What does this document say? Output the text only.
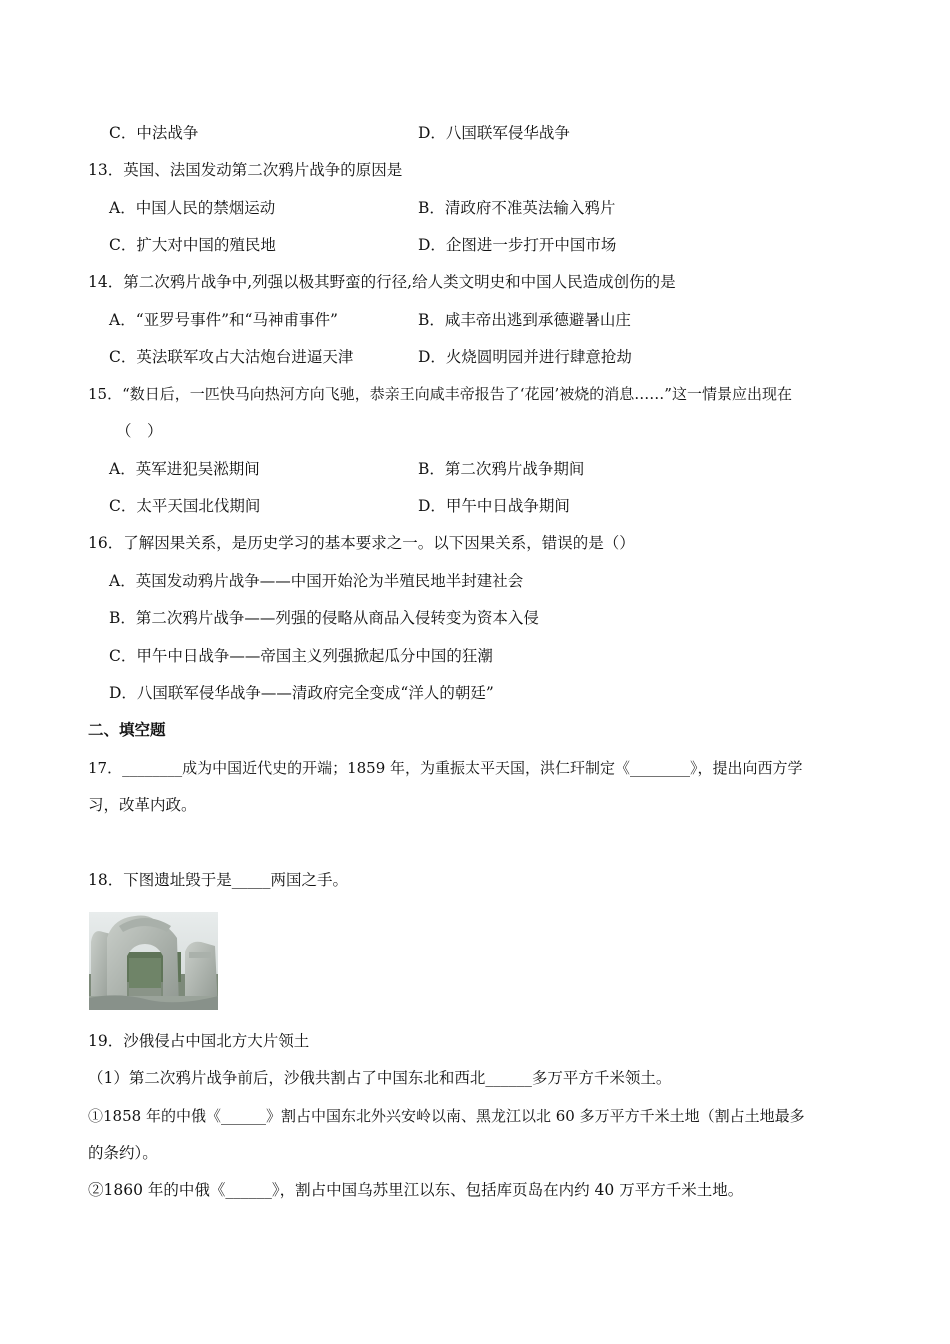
C．中法战争	D．八国联军侵华战争
13．英国、法国发动第二次鸦片战争的原因是
A．中国人民的禁烟运动	B．清政府不准英法输入鸦片
C．扩大对中国的殖民地	D．企图进一步打开中国市场
14．第二次鸦片战争中,列强以极其野蛮的行径,给人类文明史和中国人民造成创伤的是
A．“亚罗号事件”和“马神甫事件”	B．咸丰帝出逃到承德避暑山庄
C．英法联军攻占大沽炮台进逼天津	D．火烧圆明园并进行肆意抢劫
15．“数日后，一匹快马向热河方向飞驰，恭亲王向咸丰帝报告了‘花园’被烧的消息……”这一情景应出现在
（　）
A．英军进犯吴淞期间	B．第二次鸦片战争期间
C．太平天国北伐期间	D．甲午中日战争期间
16．了解因果关系，是历史学习的基本要求之一。以下因果关系，错误的是（）
A．英国发动鸦片战争——中国开始沦为半殖民地半封建社会
B．第二次鸦片战争——列强的侵略从商品入侵转变为资本入侵
C．甲午中日战争——帝国主义列强掀起瓜分中国的狂潮
D．八国联军侵华战争——清政府完全变成“洋人的朝廷”
二、填空题
17．________成为中国近代史的开端；1859 年，为重振太平天国，洪仁玕制定《________》，提出向西方学
习，改革内政。
18．下图遗址毁于是_____两国之手。
19．沙俄侵占中国北方大片领土
（1）第二次鸦片战争前后，沙俄共割占了中国东北和西北______多万平方千米领土。
①1858 年的中俄《______》割占中国东北外兴安岭以南、黑龙江以北 60 多万平方千米土地（割占土地最多
的条约）。
②1860 年的中俄《______》，割占中国乌苏里江以东、包括库页岛在内约 40 万平方千米土地。
